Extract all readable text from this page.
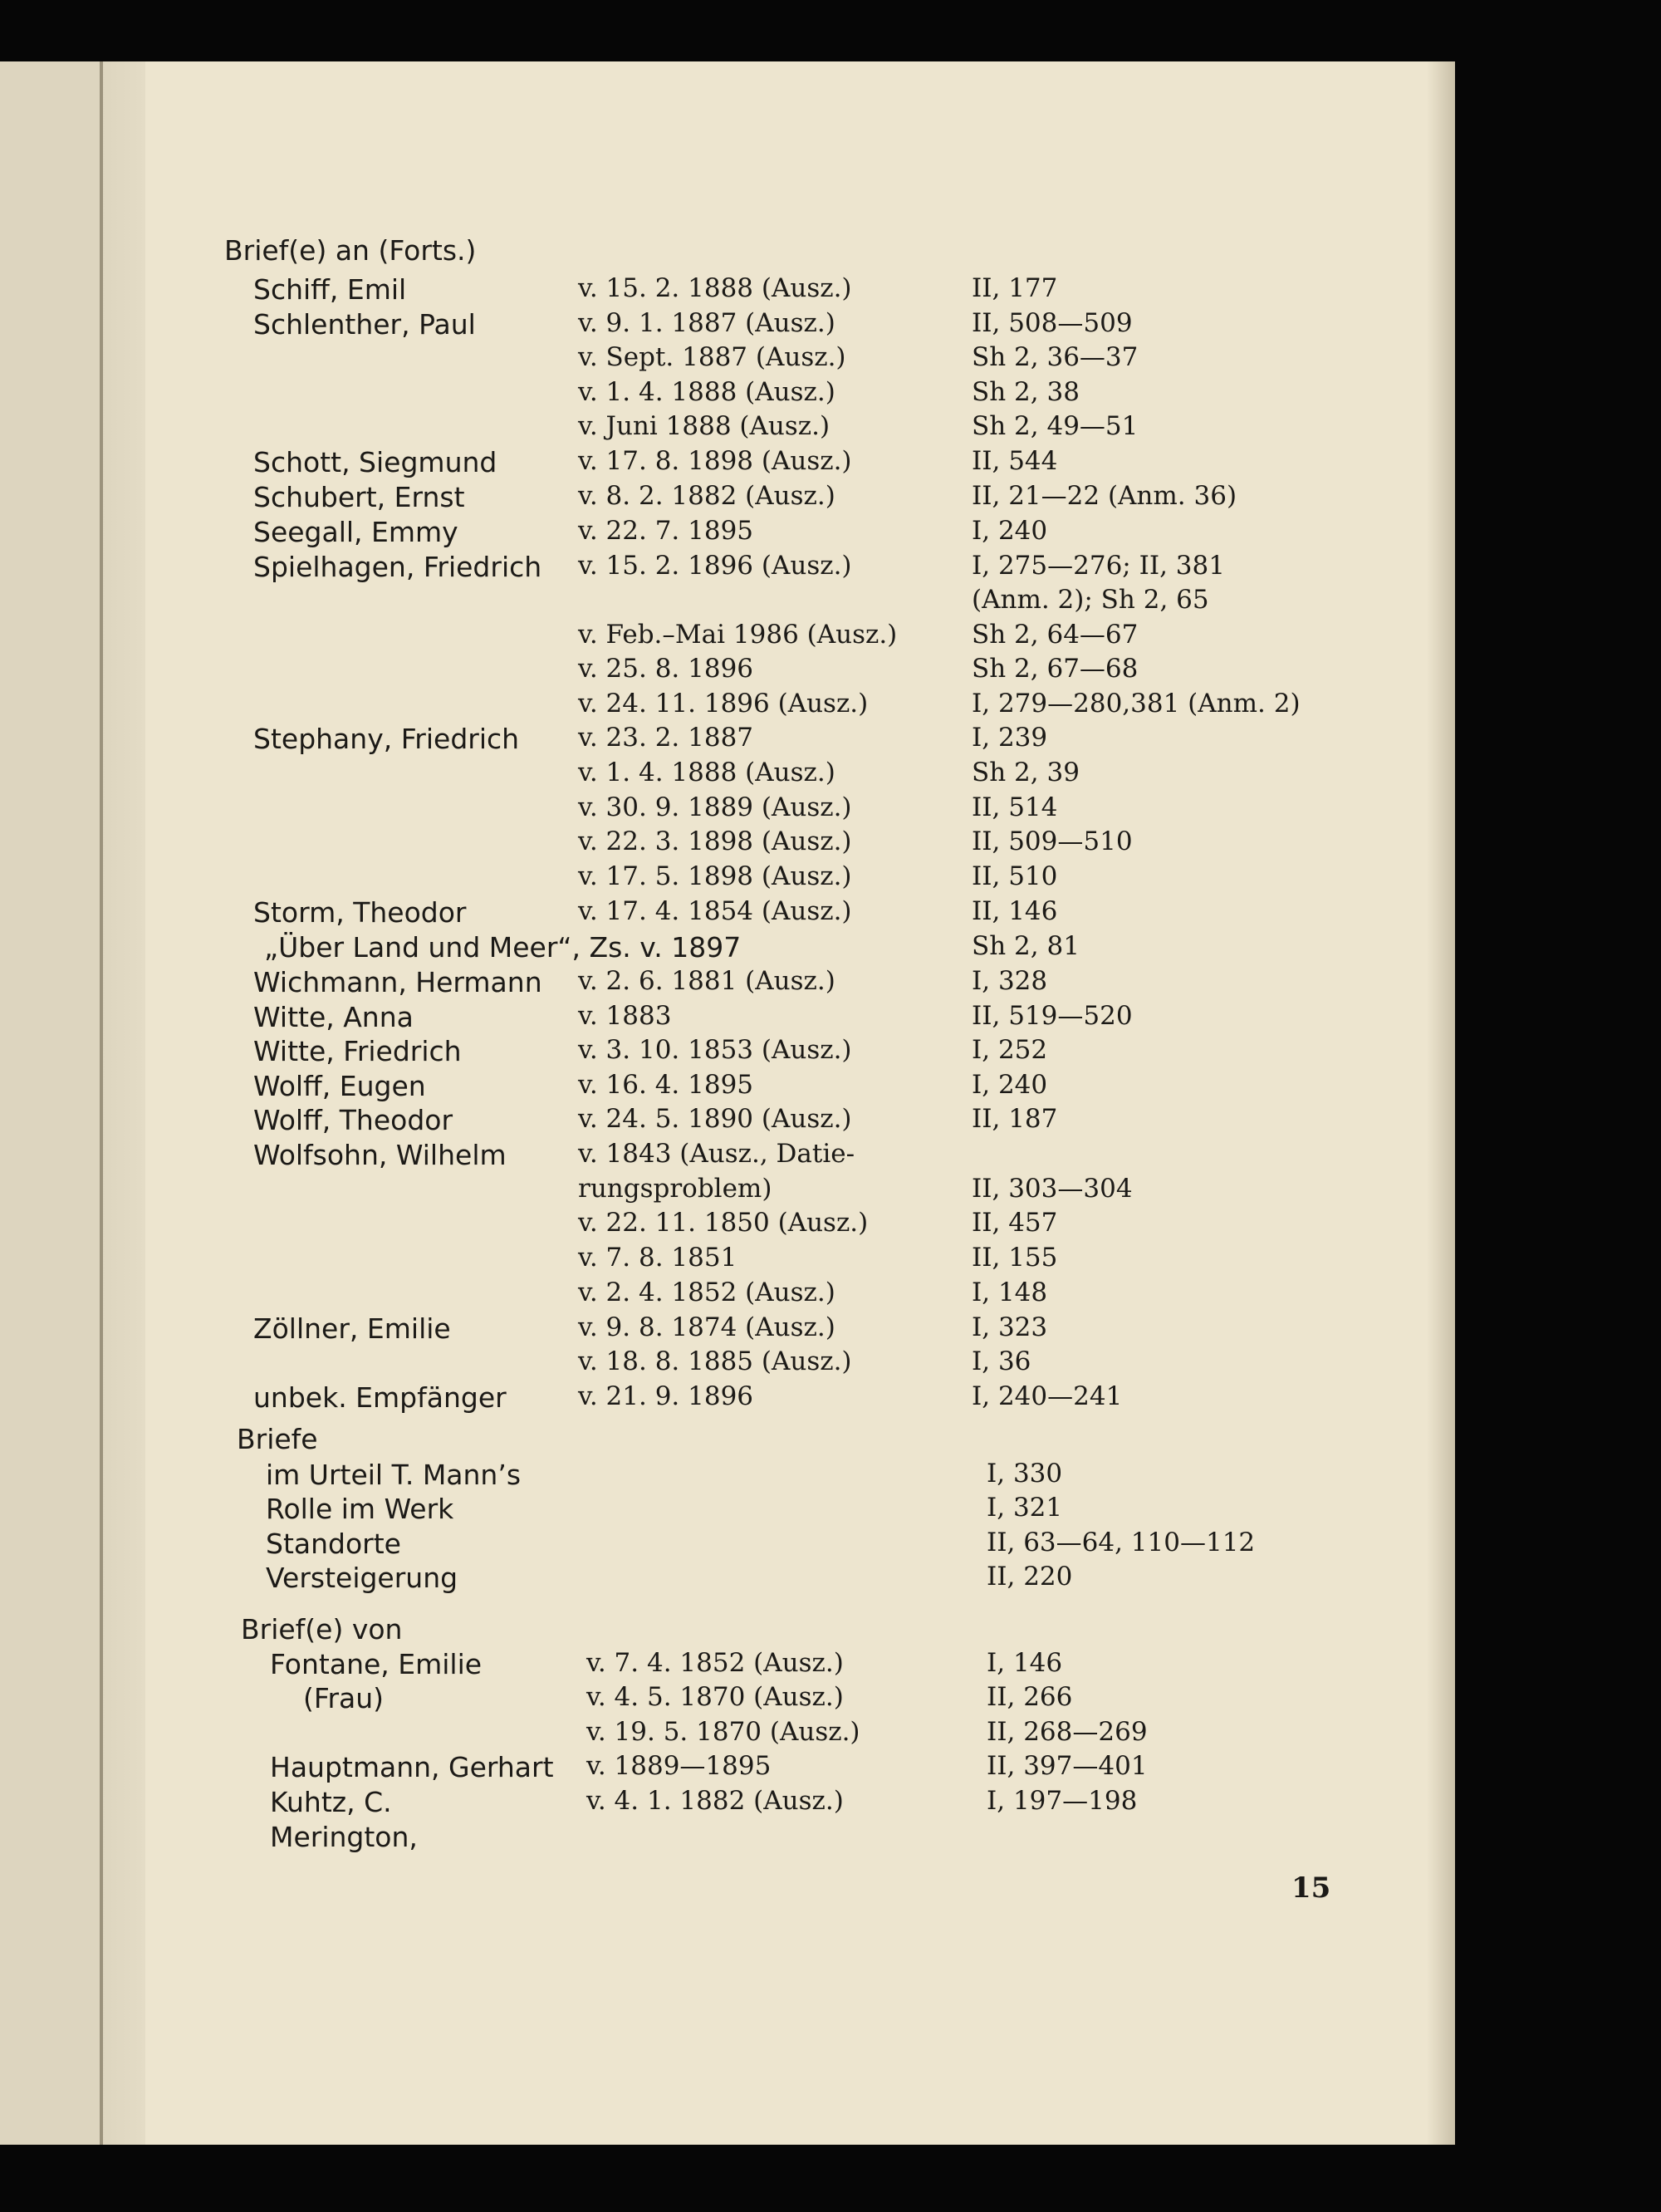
Brief(e) an (Forts.)
Schiff, Emil	v. 15. 2. 1888 (Ausz.)	II, 177
Schlenther, Paul	v. 9. 1. 1887 (Ausz.)	II, 508—509
v. Sept. 1887 (Ausz.)	Sh 2, 36—37
v. 1. 4. 1888 (Ausz.)	Sh 2, 38
v. Juni 1888 (Ausz.)	Sh 2, 49—51
Schott, Siegmund	v. 17. 8. 1898 (Ausz.)	II, 544
Schubert, Ernst	v. 8. 2. 1882 (Ausz.)	II, 21—22 (Anm. 36)
Seegall, Emmy	v. 22. 7. 1895	I, 240
Spielhagen, Friedrich v. 15. 2. 1896 (Ausz.)	I, 275—276; II, 381
(Anm. 2); Sh 2, 65
v. Feb.–Mai 1986 (Ausz.)	Sh 2, 64—67
v. 25. 8. 1896	Sh 2, 67—68
v. 24. 11. 1896 (Ausz.)	I, 279—280,381 (Anm. 2)
Stephany, Friedrich v. 23. 2. 1887	I, 239
v. 1. 4. 1888 (Ausz.)	Sh 2, 39
v. 30. 9. 1889 (Ausz.)	II, 514
v. 22. 3. 1898 (Ausz.)	II, 509—510
v. 17. 5. 1898 (Ausz.)	II, 510
Storm, Theodor	v. 17. 4. 1854 (Ausz.)	II, 146
„Über Land und Meer“, Zs. v. 1897	Sh 2, 81
Wichmann, Hermann v. 2. 6. 1881 (Ausz.)	I, 328
Witte, Anna	v. 1883	II, 519—520
Witte, Friedrich	v. 3. 10. 1853 (Ausz.)	I, 252
Wolff, Eugen	v. 16. 4. 1895	I, 240
Wolff, Theodor	v. 24. 5. 1890 (Ausz.)	II, 187
Wolfsohn, Wilhelm	v. 1843 (Ausz., Datie-
rungsproblem)	II, 303—304
v. 22. 11. 1850 (Ausz.)	II, 457
v. 7. 8. 1851	II, 155
v. 2. 4. 1852 (Ausz.)	I, 148
Zöllner, Emilie	v. 9. 8. 1874 (Ausz.)	I, 323
v. 18. 8. 1885 (Ausz.)	I, 36
unbek. Empfänger	v. 21. 9. 1896	I, 240—241
Briefe
im Urteil T. Mann’s	I, 330
Rolle im Werk	I, 321
Standorte	II, 63—64, 110—112
Versteigerung	II, 220
Brief(e) von
Fontane, Emilie	v. 7. 4. 1852 (Ausz.)	I, 146
(Frau)	v. 4. 5. 1870 (Ausz.)	II, 266
v. 19. 5. 1870 (Ausz.)	II, 268—269
Hauptmann, Gerhart v. 1889—1895	II, 397—401
Kuhtz, C.	v. 4. 1. 1882 (Ausz.)	I, 197—198
Merington,
15
